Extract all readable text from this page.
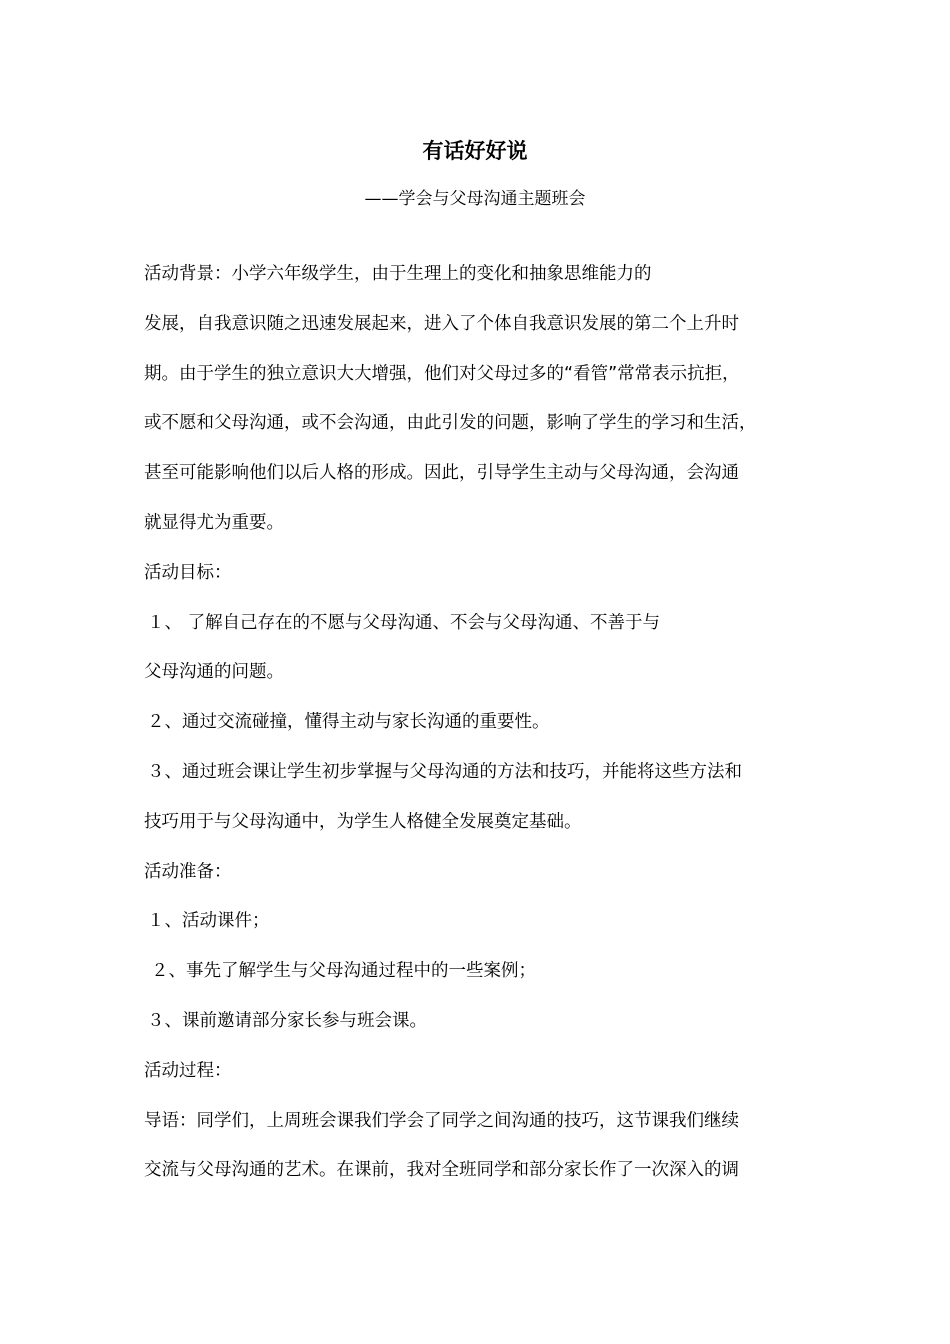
有话好好说
——学会与父母沟通主题班会
活动背景：小学六年级学生，由于生理上的变化和抽象思维能力的
发展，自我意识随之迅速发展起来，进入了个体自我意识发展的第二个上升时
期。由于学生的独立意识大大增强，他们对父母过多的“看管”常常表示抗拒，
或不愿和父母沟通，或不会沟通，由此引发的问题，影响了学生的学习和生活，
甚至可能影响他们以后人格的形成。因此，引导学生主动与父母沟通，会沟通
就显得尤为重要。
活动目标：
１、 了解自己存在的不愿与父母沟通、不会与父母沟通、不善于与
父母沟通的问题。
２、通过交流碰撞，懂得主动与家长沟通的重要性。
３、通过班会课让学生初步掌握与父母沟通的方法和技巧，并能将这些方法和
技巧用于与父母沟通中，为学生人格健全发展奠定基础。
活动准备：
１、活动课件；
２、事先了解学生与父母沟通过程中的一些案例；
３、课前邀请部分家长参与班会课。
活动过程：
导语：同学们，上周班会课我们学会了同学之间沟通的技巧，这节课我们继续
交流与父母沟通的艺术。在课前，我对全班同学和部分家长作了一次深入的调
